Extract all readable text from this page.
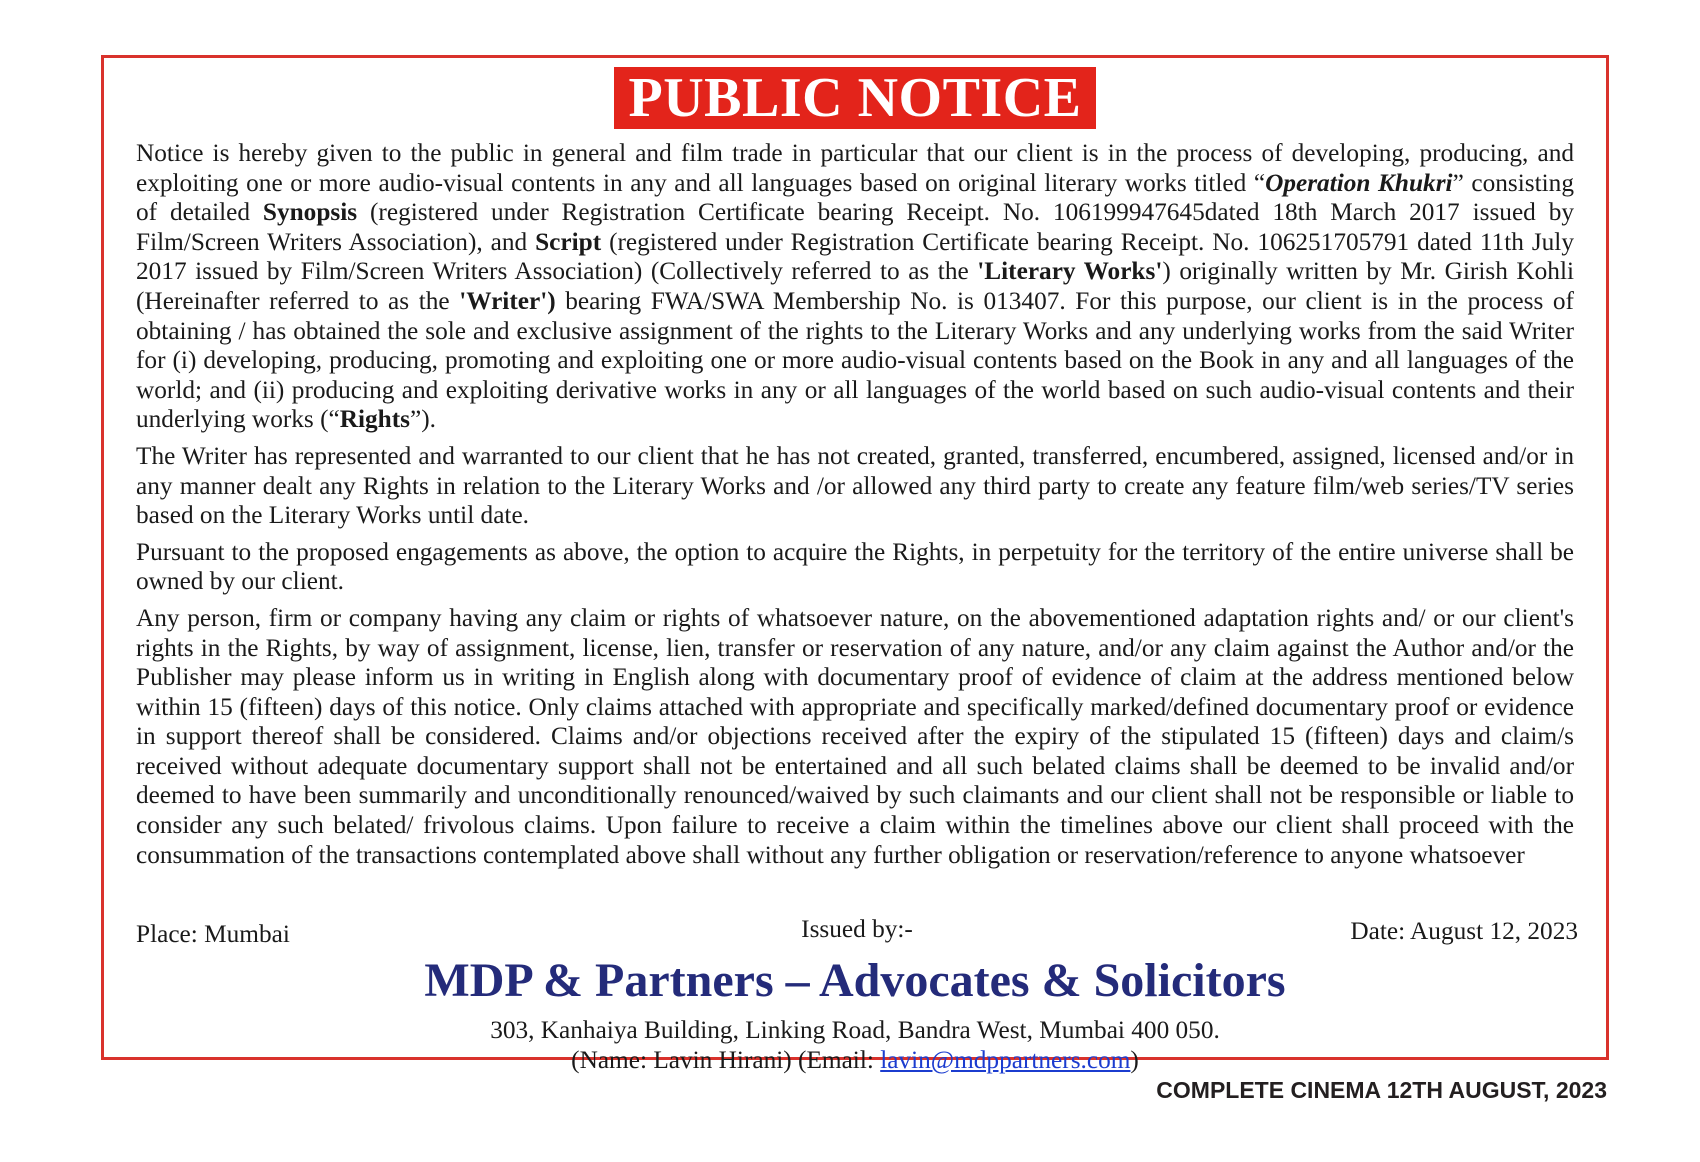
PUBLIC NOTICE

Notice is hereby given to the public in general and film trade in particular that our client is in the process of developing, producing, and exploiting one or more audio-visual contents in any and all languages based on original literary works titled “Operation Khukri” consisting of detailed Synopsis (registered under Registration Certificate bearing Receipt. No. 106199947645dated 18th March 2017 issued by Film/Screen Writers Association), and Script (registered under Registration Certificate bearing Receipt. No. 106251705791 dated 11th July 2017 issued by Film/Screen Writers Association) (Collectively referred to as the 'Literary Works') originally written by Mr. Girish Kohli (Hereinafter referred to as the 'Writer') bearing FWA/SWA Membership No. is 013407. For this purpose, our client is in the process of obtaining / has obtained the sole and exclusive assignment of the rights to the Literary Works and any underlying works from the said Writer for (i) developing, producing, promoting and exploiting one or more audio-visual contents based on the Book in any and all languages of the world; and (ii) producing and exploiting derivative works in any or all languages of the world based on such audio-visual contents and their underlying works (“Rights”).

The Writer has represented and warranted to our client that he has not created, granted, transferred, encumbered, assigned, licensed and/or in any manner dealt any Rights in relation to the Literary Works and /or allowed any third party to create any feature film/web series/TV series based on the Literary Works until date.

Pursuant to the proposed engagements as above, the option to acquire the Rights, in perpetuity for the territory of the entire universe shall be owned by our client.

Any person, firm or company having any claim or rights of whatsoever nature, on the abovementioned adaptation rights and/ or our client's rights in the Rights, by way of assignment, license, lien, transfer or reservation of any nature, and/or any claim against the Author and/or the Publisher may please inform us in writing in English along with documentary proof of evidence of claim at the address mentioned below within 15 (fifteen) days of this notice. Only claims attached with appropriate and specifically marked/defined documentary proof or evidence in support thereof shall be considered. Claims and/or objections received after the expiry of the stipulated 15 (fifteen) days and claim/s received without adequate documentary support shall not be entertained and all such belated claims shall be deemed to be invalid and/or deemed to have been summarily and unconditionally renounced/waived by such claimants and our client shall not be responsible or liable to consider any such belated/ frivolous claims. Upon failure to receive a claim within the timelines above our client shall proceed with the consummation of the transactions contemplated above shall without any further obligation or reservation/reference to anyone whatsoever

Place: Mumbai	Issued by:-	Date: August 12, 2023
MDP & Partners – Advocates & Solicitors
303, Kanhaiya Building, Linking Road, Bandra West, Mumbai 400 050.
(Name: Lavin Hirani) (Email: lavin@mdppartners.com)
COMPLETE CINEMA 12TH AUGUST, 2023
